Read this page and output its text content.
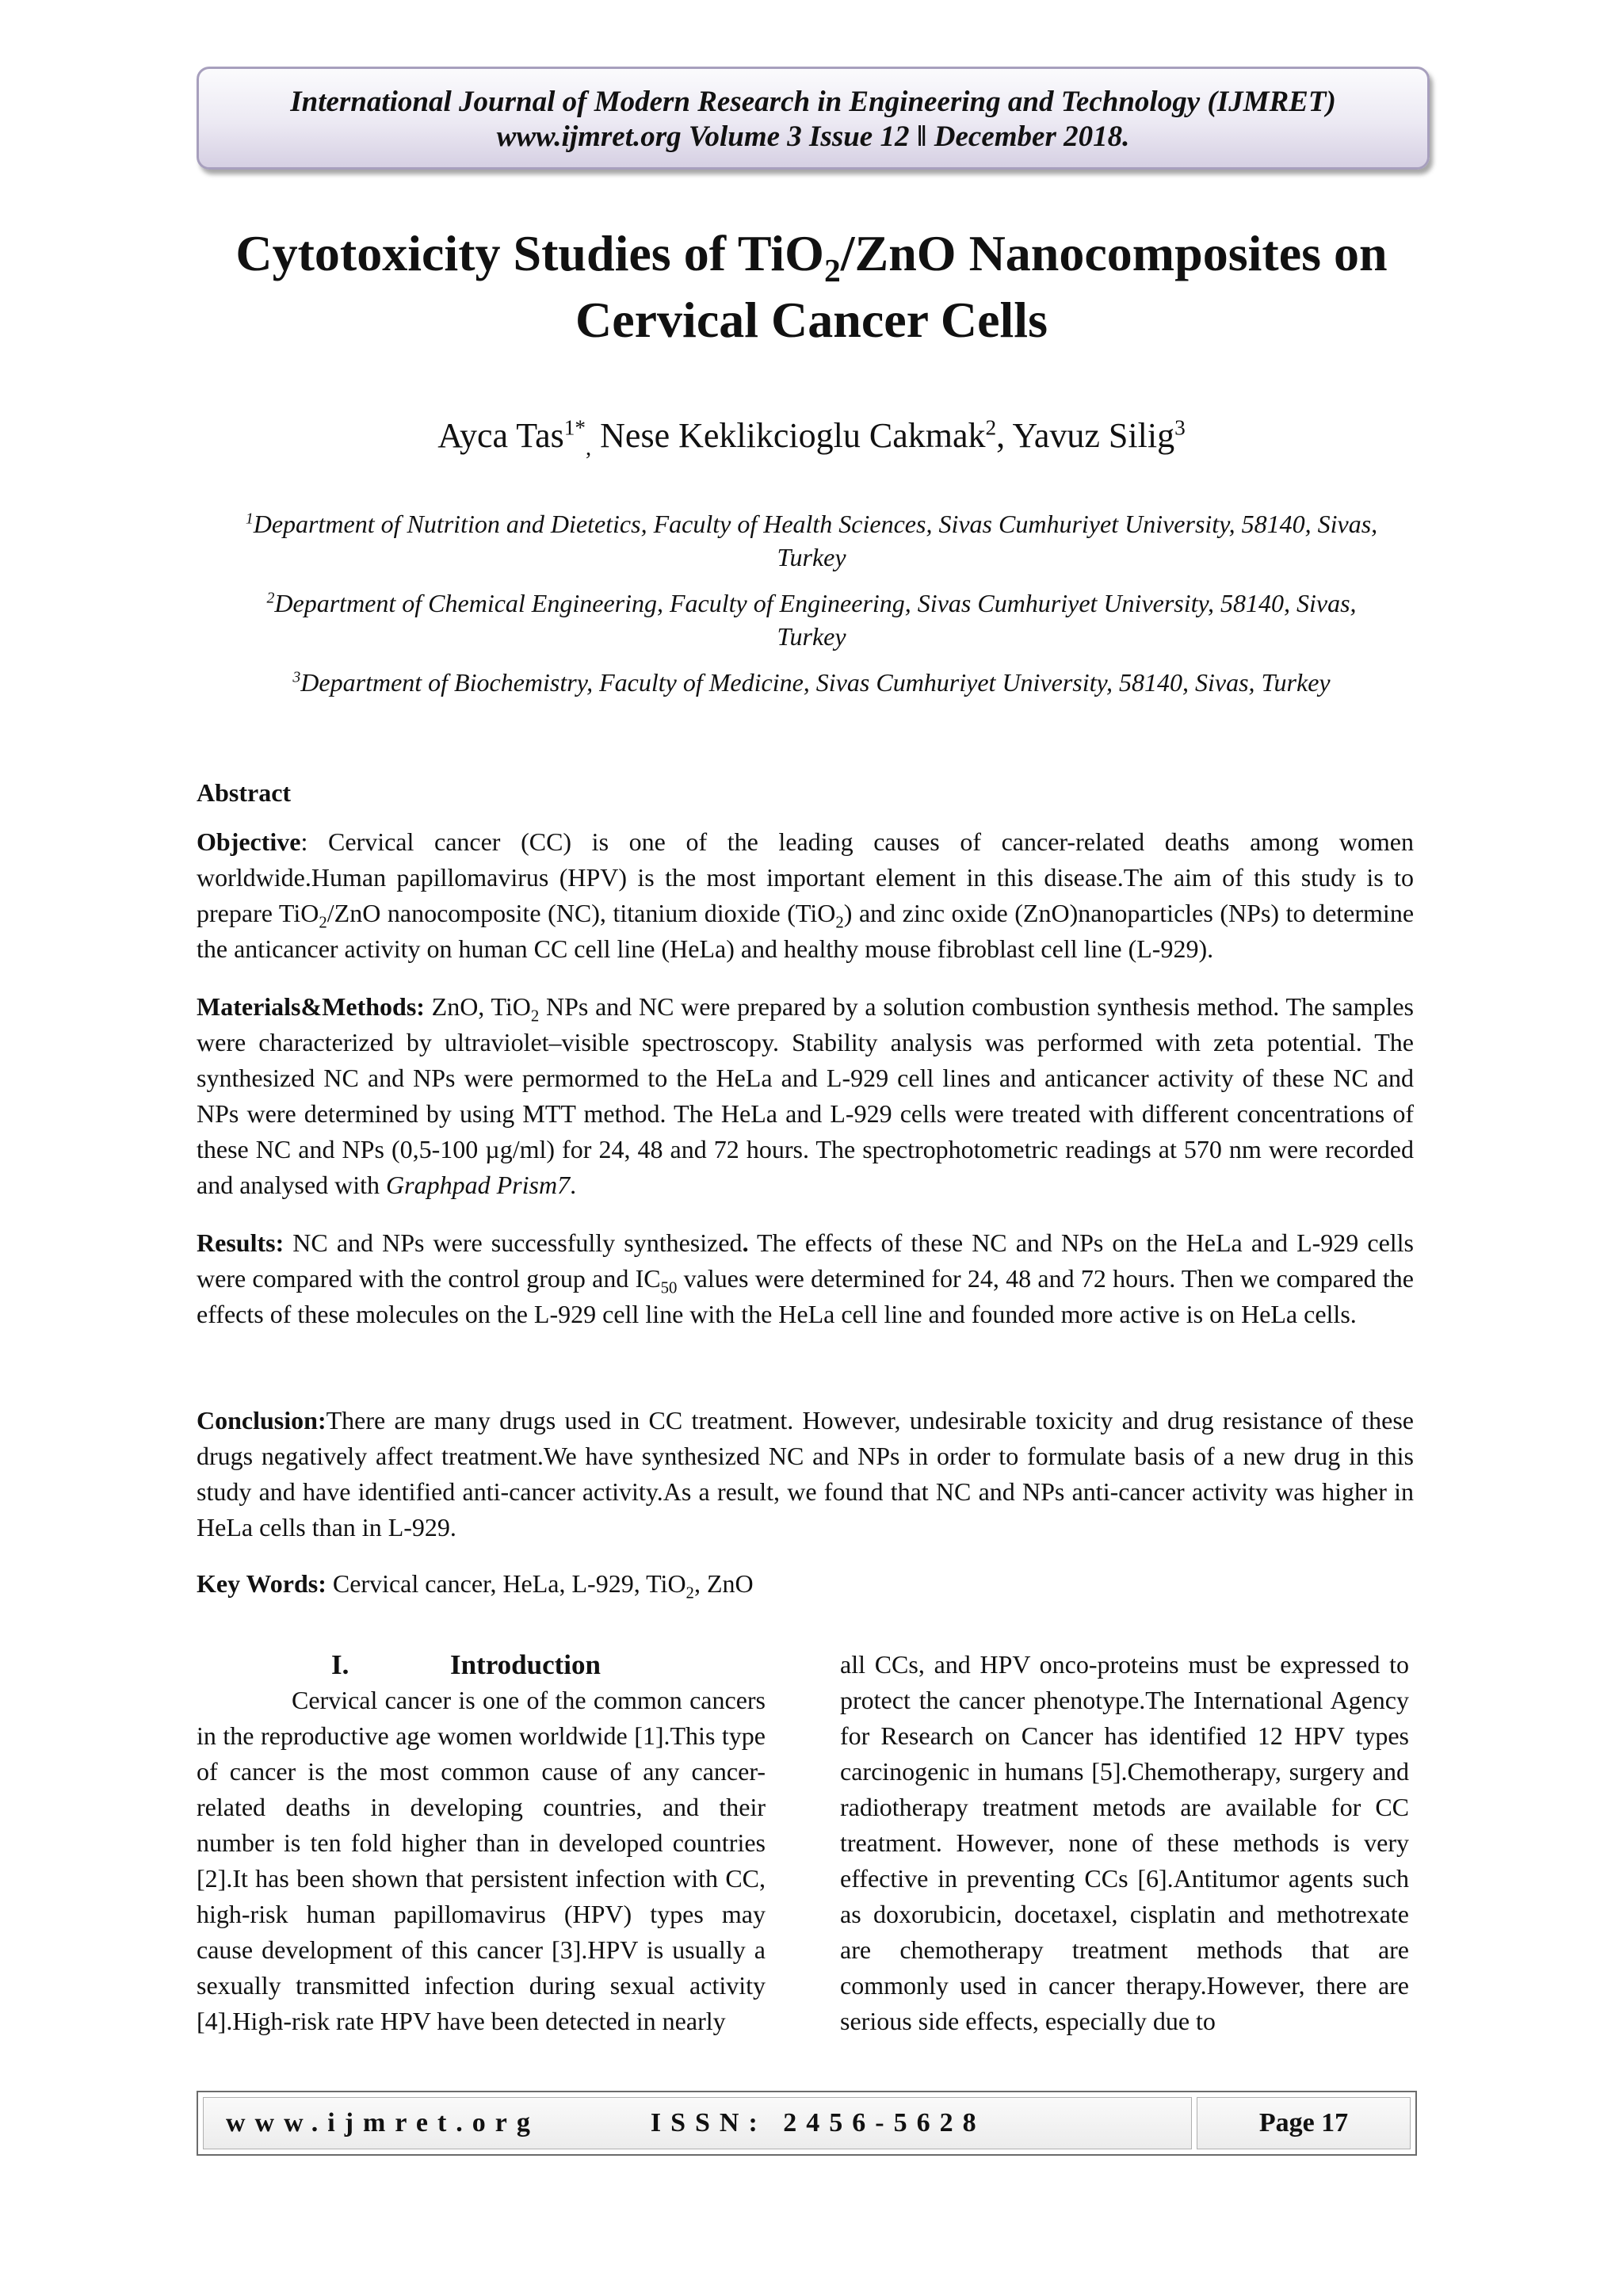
International Journal of Modern Research in Engineering and Technology (IJMRET)
www.ijmret.org Volume 3 Issue 12 ǁ December 2018.
Cytotoxicity Studies of TiO$_2$/ZnO Nanocomposites on
Cervical Cancer Cells
Ayca Tas$^{1*}_,$ Nese Keklikcioglu Cakmak$^2$, Yavuz Silig$^3$
$^1$Department of Nutrition and Dietetics, Faculty of Health Sciences, Sivas Cumhuriyet University, 58140, Sivas,
Turkey
$^2$Department of Chemical Engineering, Faculty of Engineering, Sivas Cumhuriyet University, 58140, Sivas,
Turkey
$^3$Department of Biochemistry, Faculty of Medicine, Sivas Cumhuriyet University, 58140, Sivas, Turkey
Abstract
Objective: Cervical cancer (CC) is one of the leading causes of cancer-related deaths among women worldwide.Human papillomavirus (HPV) is the most important element in this disease.The aim of this study is to prepare TiO$_2$/ZnO nanocomposite (NC), titanium dioxide (TiO$_2$) and zinc oxide (ZnO)nanoparticles (NPs) to determine the anticancer activity on human CC cell line (HeLa) and healthy mouse fibroblast cell line (L-929).
Materials&Methods: ZnO, TiO$_2$ NPs and NC were prepared by a solution combustion synthesis method. The samples were characterized by ultraviolet–visible spectroscopy. Stability analysis was performed with zeta potential. The synthesized NC and NPs were permormed to the HeLa and L-929 cell lines and anticancer activity of these NC and NPs were determined by using MTT method. The HeLa and L-929 cells were treated with different concentrations of these NC and NPs (0,5-100 µg/ml) for 24, 48 and 72 hours. The spectrophotometric readings at 570 nm were recorded and analysed with Graphpad Prism7.
Results: NC and NPs were successfully synthesized. The effects of these NC and NPs on the HeLa and L-929 cells were compared with the control group and $IC_{50}$ values were determined for 24, 48 and 72 hours. Then we compared the effects of these molecules on the L-929 cell line with the HeLa cell line and founded more active is on HeLa cells.
Conclusion:There are many drugs used in CC treatment. However, undesirable toxicity and drug resistance of these drugs negatively affect treatment.We have synthesized NC and NPs in order to formulate basis of a new drug in this study and have identified anti-cancer activity.As a result, we found that NC and NPs anti-cancer activity was higher in HeLa cells than in L-929.
Key Words: Cervical cancer, HeLa, L-929, TiO$_2$, ZnO
I.	Introduction
Cervical cancer is one of the common cancers in the reproductive age women worldwide [1].This type of cancer is the most common cause of any cancer-related deaths in developing countries, and their number is ten fold higher than in developed countries [2].It has been shown that persistent infection with CC, high-risk human papillomavirus (HPV) types may cause development of this cancer [3].HPV is usually a sexually transmitted infection during sexual activity [4].High-risk rate HPV have been detected in nearly
all CCs, and HPV onco-proteins must be expressed to protect the cancer phenotype.The International Agency for Research on Cancer has identified 12 HPV types carcinogenic in humans [5].Chemotherapy, surgery and radiotherapy treatment metods are available for CC treatment. However, none of these methods is very effective in preventing CCs [6].Antitumor agents such as doxorubicin, docetaxel, cisplatin and methotrexate are chemotherapy treatment methods that are commonly used in cancer therapy.However, there are serious side effects, especially due to
www.ijmret.org	ISSN: 2456-5628	Page 17
